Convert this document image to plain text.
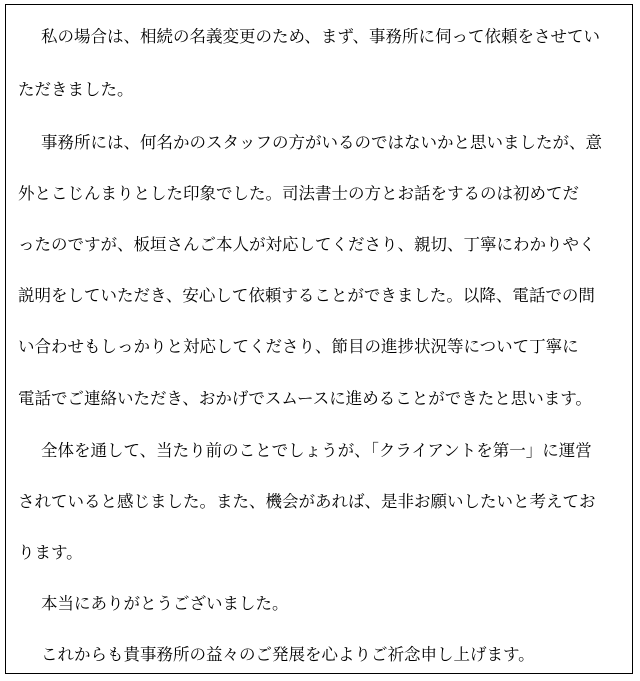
私の場合は、相続の名義変更のため、まず、事務所に伺って依頼をさせてい
ただきました。
事務所には、何名かのスタッフの方がいるのではないかと思いましたが、意
外とこじんまりとした印象でした。司法書士の方とお話をするのは初めてだ
ったのですが、板垣さんご本人が対応してくださり、親切、丁寧にわかりやく
説明をしていただき、安心して依頼することができました。以降、電話での問
い合わせもしっかりと対応してくださり、節目の進捗状況等について丁寧に
電話でご連絡いただき、おかげでスムースに進めることができたと思います。
全体を通して、当たり前のことでしょうが、「クライアントを第一」に運営
されていると感じました。また、機会があれば、是非お願いしたいと考えてお
ります。
本当にありがとうございました。
これからも貴事務所の益々のご発展を心よりご祈念申し上げます。
